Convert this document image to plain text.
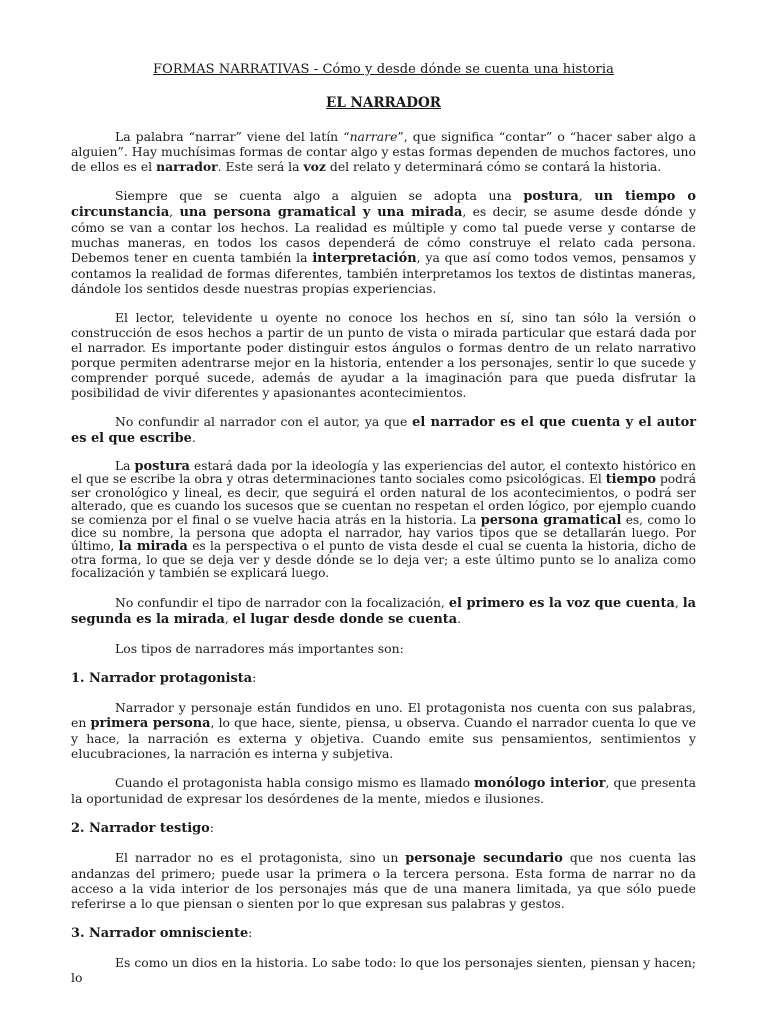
FORMAS NARRATIVAS - Cómo y desde dónde se cuenta una historia
EL NARRADOR

La palabra “narrar” viene del latín “narrare”, que significa “contar” o “hacer saber algo a alguien”. Hay muchísimas formas de contar algo y estas formas dependen de muchos factores, uno de ellos es el narrador. Este será la voz del relato y determinará cómo se contará la historia.

Siempre que se cuenta algo a alguien se adopta una postura, un tiempo o circunstancia, una persona gramatical y una mirada, es decir, se asume desde dónde y cómo se van a contar los hechos. La realidad es múltiple y como tal puede verse y contarse de muchas maneras, en todos los casos dependerá de cómo construye el relato cada persona. Debemos tener en cuenta también la interpretación, ya que así como todos vemos, pensamos y contamos la realidad de formas diferentes, también interpretamos los textos de distintas maneras, dándole los sentidos desde nuestras propias experiencias.

El lector, televidente u oyente no conoce los hechos en sí, sino tan sólo la versión o construcción de esos hechos a partir de un punto de vista o mirada particular que estará dada por el narrador. Es importante poder distinguir estos ángulos o formas dentro de un relato narrativo porque permiten adentrarse mejor en la historia, entender a los personajes, sentir lo que sucede y comprender porqué sucede, además de ayudar a la imaginación para que pueda disfrutar la posibilidad de vivir diferentes y apasionantes acontecimientos.

No confundir al narrador con el autor, ya que el narrador es el que cuenta y el autor es el que escribe.

La postura estará dada por la ideología y las experiencias del autor, el contexto histórico en el que se escribe la obra y otras determinaciones tanto sociales como psicológicas. El tiempo podrá ser cronológico y lineal, es decir, que seguirá el orden natural de los acontecimientos, o podrá ser alterado, que es cuando los sucesos que se cuentan no respetan el orden lógico, por ejemplo cuando se comienza por el final o se vuelve hacia atrás en la historia. La persona gramatical es, como lo dice su nombre, la persona que adopta el narrador, hay varios tipos que se detallarán luego. Por último, la mirada es la perspectiva o el punto de vista desde el cual se cuenta la historia, dicho de otra forma, lo que se deja ver y desde dónde se lo deja ver; a este último punto se lo analiza como focalización y también se explicará luego.

No confundir el tipo de narrador con la focalización, el primero es la voz que cuenta, la segunda es la mirada, el lugar desde donde se cuenta.

Los tipos de narradores más importantes son:

1. Narrador protagonista:

Narrador y personaje están fundidos en uno. El protagonista nos cuenta con sus palabras, en primera persona, lo que hace, siente, piensa, u observa. Cuando el narrador cuenta lo que ve y hace, la narración es externa y objetiva. Cuando emite sus pensamientos, sentimientos y elucubraciones, la narración es interna y subjetiva.

Cuando el protagonista habla consigo mismo es llamado monólogo interior, que presenta la oportunidad de expresar los desórdenes de la mente, miedos e ilusiones.

2. Narrador testigo:

El narrador no es el protagonista, sino un personaje secundario que nos cuenta las andanzas del primero; puede usar la primera o la tercera persona. Esta forma de narrar no da acceso a la vida interior de los personajes más que de una manera limitada, ya que sólo puede referirse a lo que piensan o sienten por lo que expresan sus palabras y gestos.

3. Narrador omnisciente:

Es como un dios en la historia. Lo sabe todo: lo que los personajes sienten, piensan y hacen; lo
